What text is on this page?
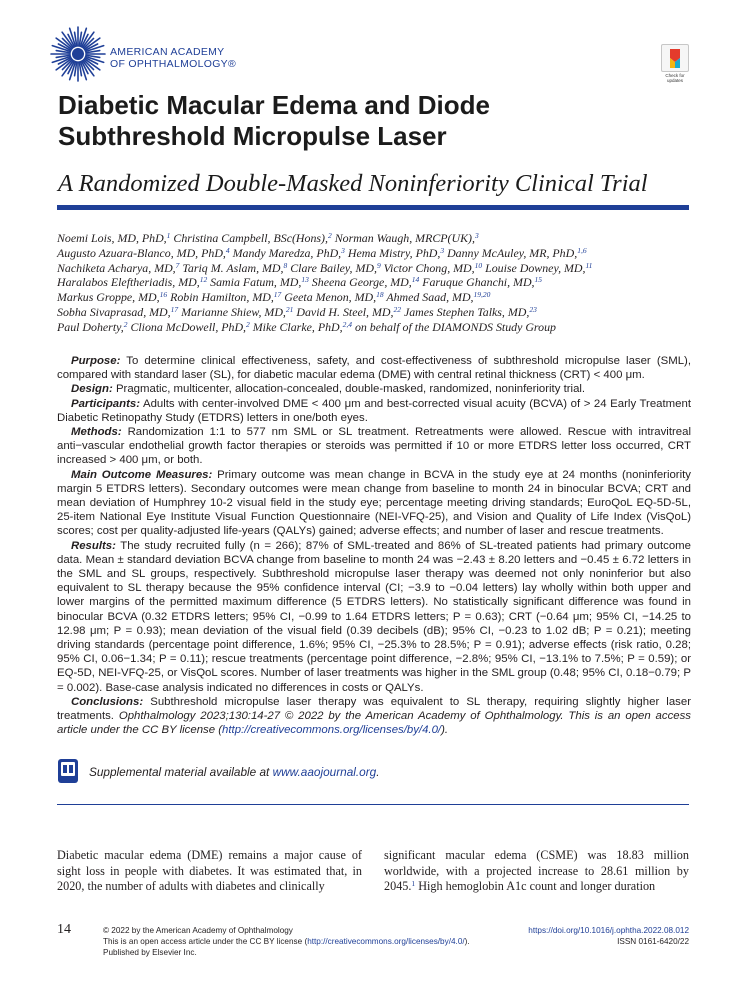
AMERICAN ACADEMY
OF OPHTHALMOLOGY®
Check for
updates
Diabetic Macular Edema and Diode
Subthreshold Micropulse Laser
A Randomized Double-Masked Noninferiority Clinical Trial
Noemi Lois, MD, PhD,$^1$ Christina Campbell, BSc(Hons),$^2$ Norman Waugh, MRCP(UK),$^3$
Augusto Azuara-Blanco, MD, PhD,$^4$ Mandy Maredza, PhD,$^3$ Hema Mistry, PhD,$^3$ Danny McAuley, MR, PhD,$^{1,6}$
Nachiketa Acharya, MD,$^7$ Tariq M. Aslam, MD,$^8$ Clare Bailey, MD,$^9$ Victor Chong, MD,$^{10}$ Louise Downey, MD,$^{11}$
Haralabos Eleftheriadis, MD,$^{12}$ Samia Fatum, MD,$^{13}$ Sheena George, MD,$^{14}$ Faruque Ghanchi, MD,$^{15}$
Markus Groppe, MD,$^{16}$ Robin Hamilton, MD,$^{17}$ Geeta Menon, MD,$^{18}$ Ahmed Saad, MD,$^{19,20}$
Sobha Sivaprasad, MD,$^{17}$ Marianne Shiew, MD,$^{21}$ David H. Steel, MD,$^{22}$ James Stephen Talks, MD,$^{23}$
Paul Doherty,$^2$ Cliona McDowell, PhD,$^2$ Mike Clarke, PhD,$^{2,4}$ on behalf of the DIAMONDS Study Group

Purpose: To determine clinical effectiveness, safety, and cost-effectiveness of subthreshold micropulse laser (SML), compared with standard laser (SL), for diabetic macular edema (DME) with central retinal thickness (CRT) < 400 μm.

Design: Pragmatic, multicenter, allocation-concealed, double-masked, randomized, noninferiority trial.

Participants: Adults with center-involved DME < 400 μm and best-corrected visual acuity (BCVA) of > 24 Early Treatment Diabetic Retinopathy Study (ETDRS) letters in one/both eyes.

Methods: Randomization 1:1 to 577 nm SML or SL treatment. Retreatments were allowed. Rescue with intravitreal anti−vascular endothelial growth factor therapies or steroids was permitted if 10 or more ETDRS letter loss occurred, CRT increased > 400 μm, or both.

Main Outcome Measures: Primary outcome was mean change in BCVA in the study eye at 24 months (noninferiority margin 5 ETDRS letters). Secondary outcomes were mean change from baseline to month 24 in binocular BCVA; CRT and mean deviation of Humphrey 10-2 visual field in the study eye; percentage meeting driving standards; EuroQoL EQ-5D-5L, 25-item National Eye Institute Visual Function Questionnaire (NEI-VFQ-25), and Vision and Quality of Life Index (VisQoL) scores; cost per quality-adjusted life-years (QALYs) gained; adverse effects; and number of laser and rescue treatments.

Results: The study recruited fully (n = 266); 87% of SML-treated and 86% of SL-treated patients had primary outcome data. Mean ± standard deviation BCVA change from baseline to month 24 was −2.43 ± 8.20 letters and −0.45 ± 6.72 letters in the SML and SL groups, respectively. Subthreshold micropulse laser therapy was deemed not only noninferior but also equivalent to SL therapy because the 95% confidence interval (CI; −3.9 to −0.04 letters) lay wholly within both upper and lower margins of the permitted maximum difference (5 ETDRS letters). No statistically significant difference was found in binocular BCVA (0.32 ETDRS letters; 95% CI, −0.99 to 1.64 ETDRS letters; P = 0.63); CRT (−0.64 μm; 95% CI, −14.25 to 12.98 μm; P = 0.93); mean deviation of the visual field (0.39 decibels (dB); 95% CI, −0.23 to 1.02 dB; P = 0.21); meeting driving standards (percentage point difference, 1.6%; 95% CI, −25.3% to 28.5%; P = 0.91); adverse effects (risk ratio, 0.28; 95% CI, 0.06−1.34; P = 0.11); rescue treatments (percentage point difference, −2.8%; 95% CI, −13.1% to 7.5%; P = 0.59); or EQ-5D, NEI-VFQ-25, or VisQoL scores. Number of laser treatments was higher in the SML group (0.48; 95% CI, 0.18−0.79; P = 0.002). Base-case analysis indicated no differences in costs or QALYs.

Conclusions: Subthreshold micropulse laser therapy was equivalent to SL therapy, requiring slightly higher laser treatments. Ophthalmology 2023;130:14-27 © 2022 by the American Academy of Ophthalmology. This is an open access article under the CC BY license (http://creativecommons.org/licenses/by/4.0/).

Supplemental material available at www.aaojournal.org.

Diabetic macular edema (DME) remains a major cause of sight loss in people with diabetes. It was estimated that, in 2020, the number of adults with diabetes and clinically

significant macular edema (CSME) was 18.83 million worldwide, with a projected increase to 28.61 million by 2045.$^1$ High hemoglobin A1c count and longer duration

14	© 2022 by the American Academy of Ophthalmology
This is an open access article under the CC BY license (http://creativecommons.org/licenses/by/4.0/). Published by Elsevier Inc.
https://doi.org/10.1016/j.ophtha.2022.08.012
ISSN 0161-6420/22
